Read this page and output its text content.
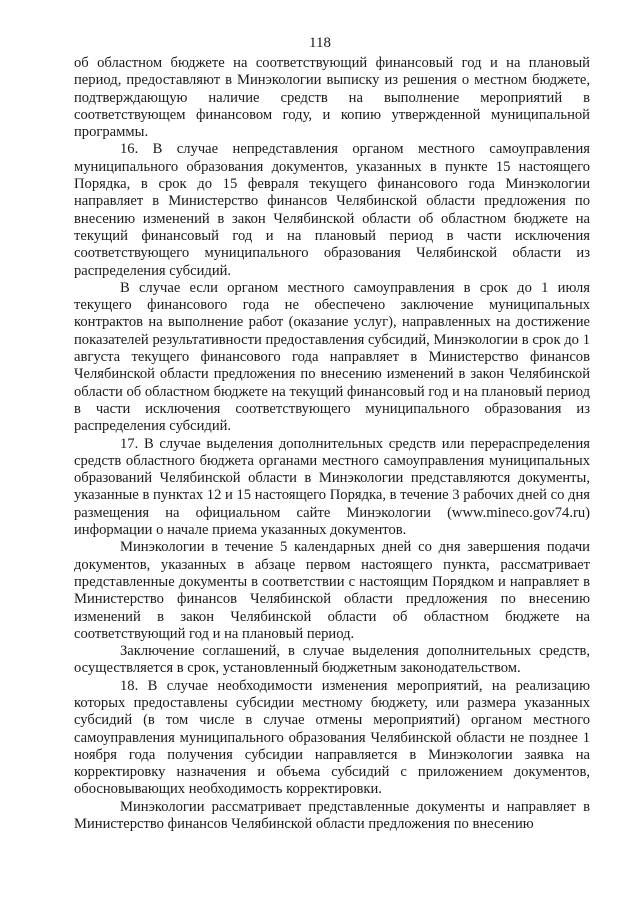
118

об областном бюджете на соответствующий финансовый год и на плановый период, предоставляют в Минэкологии выписку из решения о местном бюджете, подтверждающую наличие средств на выполнение мероприятий в соответствующем финансовом году, и копию утвержденной муниципальной программы.

16. В случае непредставления органом местного самоуправления муниципального образования документов, указанных в пункте 15 настоящего Порядка, в срок до 15 февраля текущего финансового года Минэкологии направляет в Министерство финансов Челябинской области предложения по внесению изменений в закон Челябинской области об областном бюджете на текущий финансовый год и на плановый период в части исключения соответствующего муниципального образования Челябинской области из распределения субсидий.

В случае если органом местного самоуправления в срок до 1 июля текущего финансового года не обеспечено заключение муниципальных контрактов на выполнение работ (оказание услуг), направленных на достижение показателей результативности предоставления субсидий, Минэкологии в срок до 1 августа текущего финансового года направляет в Министерство финансов Челябинской области предложения по внесению изменений в закон Челябинской области об областном бюджете на текущий финансовый год и на плановый период в части исключения соответствующего муниципального образования из распределения субсидий.

17. В случае выделения дополнительных средств или перераспределения средств областного бюджета органами местного самоуправления муниципальных образований Челябинской области в Минэкологии представляются документы, указанные в пунктах 12 и 15 настоящего Порядка, в течение 3 рабочих дней со дня размещения на официальном сайте Минэкологии (www.mineco.gov74.ru) информации о начале приема указанных документов.

Минэкологии в течение 5 календарных дней со дня завершения подачи документов, указанных в абзаце первом настоящего пункта, рассматривает представленные документы в соответствии с настоящим Порядком и направляет в Министерство финансов Челябинской области предложения по внесению изменений в закон Челябинской области об областном бюджете на соответствующий год и на плановый период.

Заключение соглашений, в случае выделения дополнительных средств, осуществляется в срок, установленный бюджетным законодательством.

18. В случае необходимости изменения мероприятий, на реализацию которых предоставлены субсидии местному бюджету, или размера указанных субсидий (в том числе в случае отмены мероприятий) органом местного самоуправления муниципального образования Челябинской области не позднее 1 ноября года получения субсидии направляется в Минэкологии заявка на корректировку назначения и объема субсидий с приложением документов, обосновывающих необходимость корректировки.

Минэкологии рассматривает представленные документы и направляет в Министерство финансов Челябинской области предложения по внесению
